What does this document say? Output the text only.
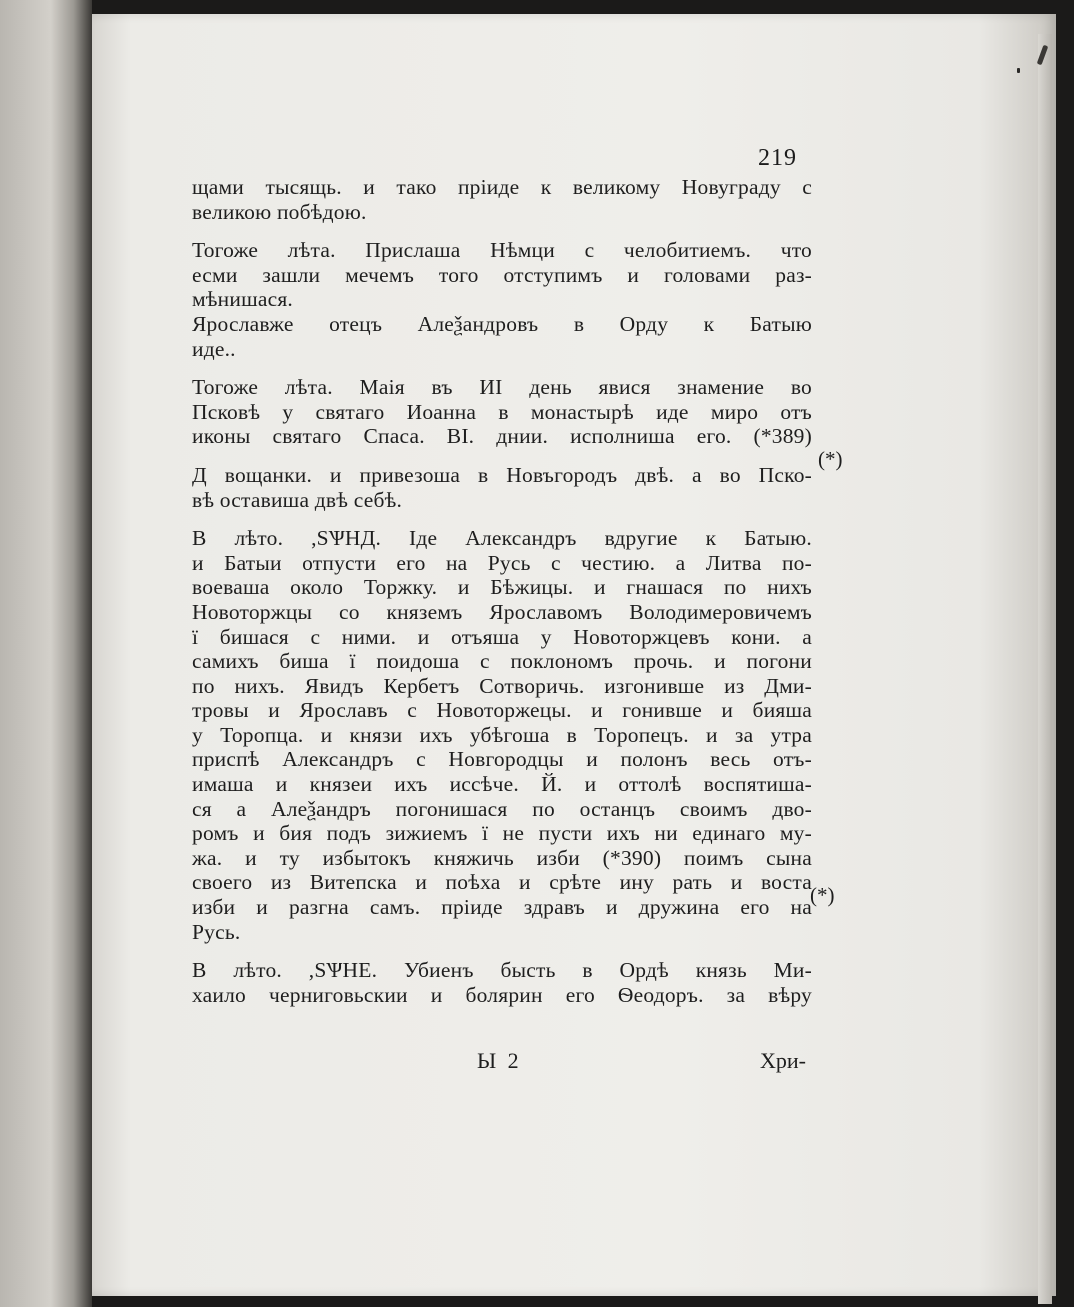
219
щами тысящь. и тако пріиде к великому Новуграду с
великою побѣдою.
Тогоже лѣта. Прислаша Нѣмци с челобитиемъ. что
есми зашли мечемъ того отступимъ и головами раз-
мѣнишася.
Ярославже отецъ Алеѯандровъ в Орду к Батыю
иде..
Тогоже лѣта. Маія въ ИІ день явися знамение во
Псковѣ у святаго Иоанна в монастырѣ иде миро отъ
иконы святаго Спаса. ВІ. днии. исполниша его. (*389)
Д вощанки. и привезоша в Новъгородъ двѣ. а во Пско-
вѣ оставиша двѣ себѣ.
В лѣто. ,ЅѰНД. Іде Александръ вдругие к Батыю.
и Батыи отпусти его на Русь с честию. а Литва по-
воеваша около Торжку. и Бѣжицы. и гнашася по нихъ
Новоторжцы со княземъ Ярославомъ Володимеровичемъ
ї бишася с ними. и отъяша у Новоторжцевъ кони. а
самихъ биша ї поидоша с поклономъ прочь. и погони
по нихъ. Явидъ Кербетъ Сотворичь. изгонивше из Дми-
тровы и Ярославъ с Новоторжецы. и гонивше и бияша
у Торопца. и князи ихъ убѣгоша в Торопецъ. и за утра
приспѣ Александръ с Новгородцы и полонъ весь отъ-
имаша и князеи ихъ иссѣче. Й. и оттолѣ воспятиша-
ся а Алеѯандръ погонишася по останцъ своимъ дво-
ромъ и бия подъ зижиемъ ї не пусти ихъ ни единаго му-
жа. и ту избытокъ княжичь изби (*390) поимъ сына
своего из Витепска и поѣха и срѣте ину рать и воста
изби и разгна самъ. пріиде здравъ и дружина его на
Русь.
В лѣто. ,ЅѰНЕ. Убиенъ бысть в Ордѣ князь Ми-
хаило черниговьскии и болярин его Ѳеодоръ. за вѣру
(*)
(*)
Ы 2	Хри-
